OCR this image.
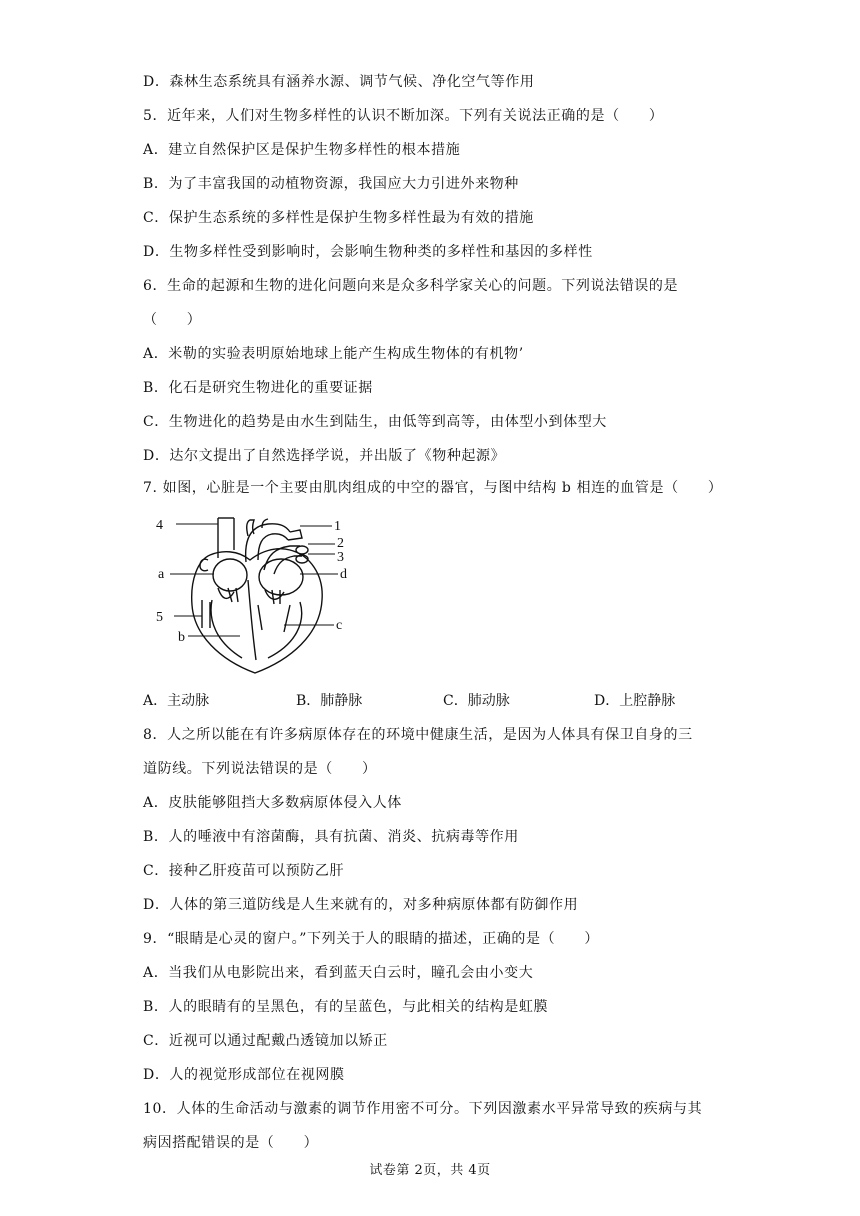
D．森林生态系统具有涵养水源、调节气候、净化空气等作用
5．近年来，人们对生物多样性的认识不断加深。下列有关说法正确的是（　　）
A．建立自然保护区是保护生物多样性的根本措施
B．为了丰富我国的动植物资源，我国应大力引进外来物种
C．保护生态系统的多样性是保护生物多样性最为有效的措施
D．生物多样性受到影响时，会影响生物种类的多样性和基因的多样性
6．生命的起源和生物的进化问题向来是众多科学家关心的问题。下列说法错误的是
（　　）
A．米勒的实验表明原始地球上能产生构成生物体的有机物’
B．化石是研究生物进化的重要证据
C．生物进化的趋势是由水生到陆生，由低等到高等，由体型小到体型大
D．达尔文提出了自然选择学说，并出版了《物种起源》
7. 如图，心脏是一个主要由肌肉组成的中空的器官，与图中结构 b 相连的血管是（　　）
4	1
2
3
a	d
5
c
b
A．主动脉	B．肺静脉	C．肺动脉	D．上腔静脉
8．人之所以能在有许多病原体存在的环境中健康生活，是因为人体具有保卫自身的三
道防线。下列说法错误的是（　　）
A．皮肤能够阻挡大多数病原体侵入人体
B．人的唾液中有溶菌酶，具有抗菌、消炎、抗病毒等作用
C．接种乙肝疫苗可以预防乙肝
D．人体的第三道防线是人生来就有的，对多种病原体都有防御作用
9．“眼睛是心灵的窗户。”下列关于人的眼睛的描述，正确的是（　　）
A．当我们从电影院出来，看到蓝天白云时，瞳孔会由小变大
B．人的眼睛有的呈黑色，有的呈蓝色，与此相关的结构是虹膜
C．近视可以通过配戴凸透镜加以矫正
D．人的视觉形成部位在视网膜
10．人体的生命活动与激素的调节作用密不可分。下列因激素水平异常导致的疾病与其
病因搭配错误的是（　　）
试卷第 2页，共 4页
